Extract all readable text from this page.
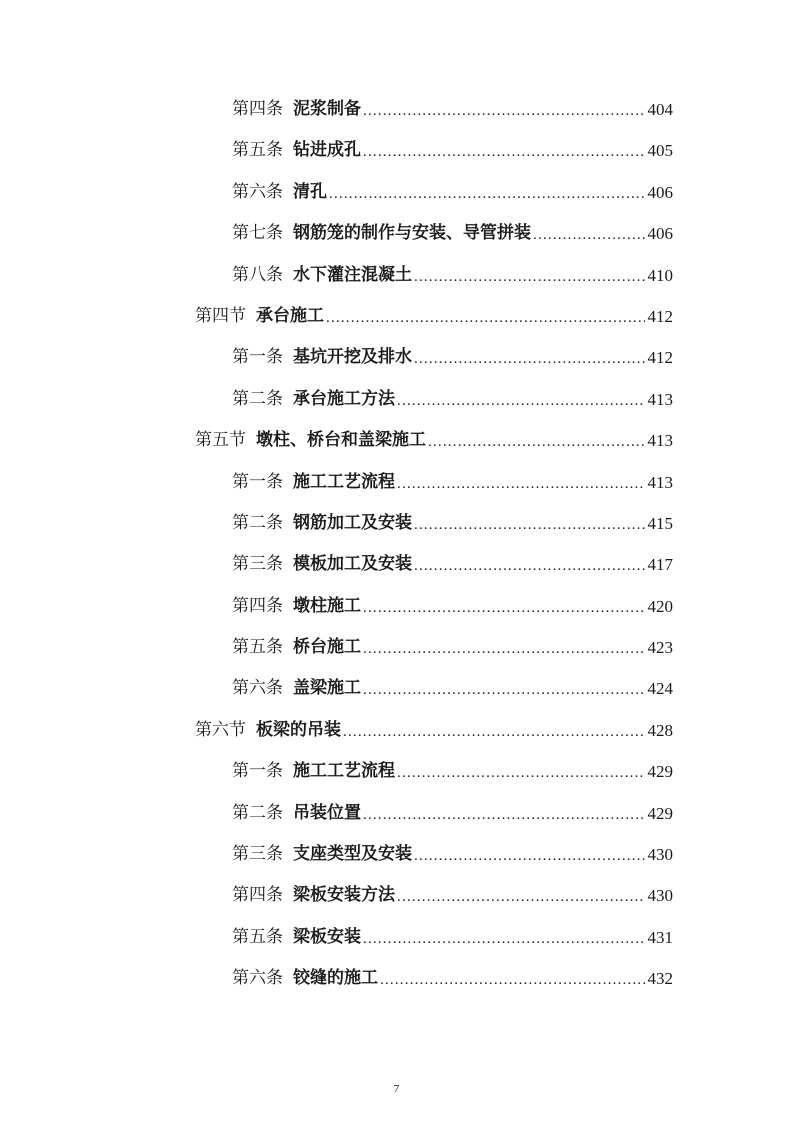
第四条 泥浆制备 .....	404
第五条 钻进成孔 .....	405
第六条 清孔 .....	406
第七条 钢筋笼的制作与安装、导管拼装 .....	406
第八条 水下灌注混凝土 .....	410
第四节 承台施工 .....	412
第一条 基坑开挖及排水 .....	412
第二条 承台施工方法 .....	413
第五节 墩柱、桥台和盖梁施工 .....	413
第一条 施工工艺流程 .....	413
第二条 钢筋加工及安装 .....	415
第三条 模板加工及安装 .....	417
第四条 墩柱施工 .....	420
第五条 桥台施工 .....	423
第六条 盖梁施工 .....	424
第六节 板梁的吊装 .....	428
第一条 施工工艺流程 .....	429
第二条 吊装位置 .....	429
第三条 支座类型及安装 .....	430
第四条 梁板安装方法 .....	430
第五条 梁板安装 .....	431
第六条 铰缝的施工 .....	432
7
